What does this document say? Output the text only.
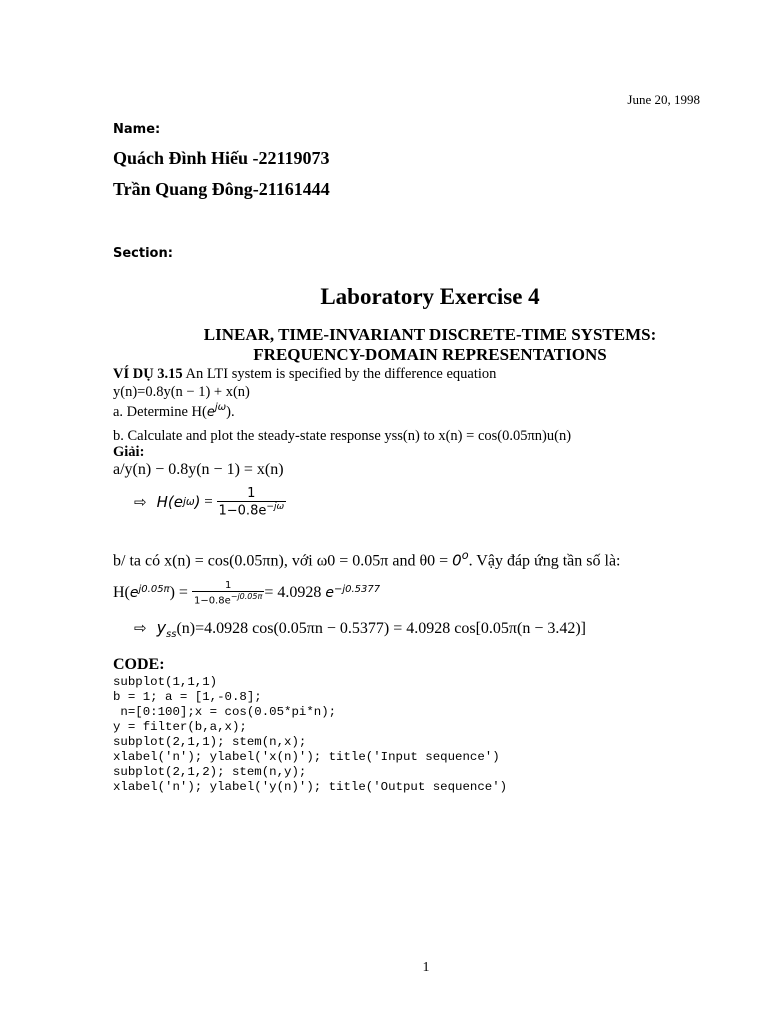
June 20, 1998
Name:
Quách Đình Hiếu -22119073
Trần Quang Đông-21161444
Section:
Laboratory Exercise 4
LINEAR, TIME-INVARIANT DISCRETE-TIME SYSTEMS:
FREQUENCY-DOMAIN REPRESENTATIONS
VÍ DỤ 3.15 An LTI system is specified by the difference equation
y(n)=0.8y(n − 1) + x(n)
a. Determine $H(e^{j\omega})$.
b. Calculate and plot the steady-state response yss(n) to x(n) = cos(0.05πn)u(n)
Giải:
a/y(n) − 0.8y(n − 1) = x(n)
⇨ H(e jω ) = $\frac{1}{1-0.8e^{-j\omega}}$
b/ ta có x(n) = cos(0.05πn), với ω0 = 0.05π and $\theta 0 = 0^o$. Vậy đáp ứng tần số là:
H( e $^{j0.05\pi}$ ) = $\frac{1}{1-0.8e^{-j0.05\pi}} = 4.0928$ e $^{-j0.5377}$
⇨ $y_{ss}(n)=4.0928$ cos(0.05πn − 0.5377) = 4.0928 cos[0.05π(n − 3.42)]
CODE:
subplot(1,1,1)
b = 1; a = [1,-0.8];
n=[0:100];x = cos(0.05*pi*n);
y = filter(b,a,x);
subplot(2,1,1); stem(n,x);
xlabel('n'); ylabel('x(n)'); title('Input sequence')
subplot(2,1,2); stem(n,y);
xlabel('n'); ylabel('y(n)'); title('Output sequence')
1
